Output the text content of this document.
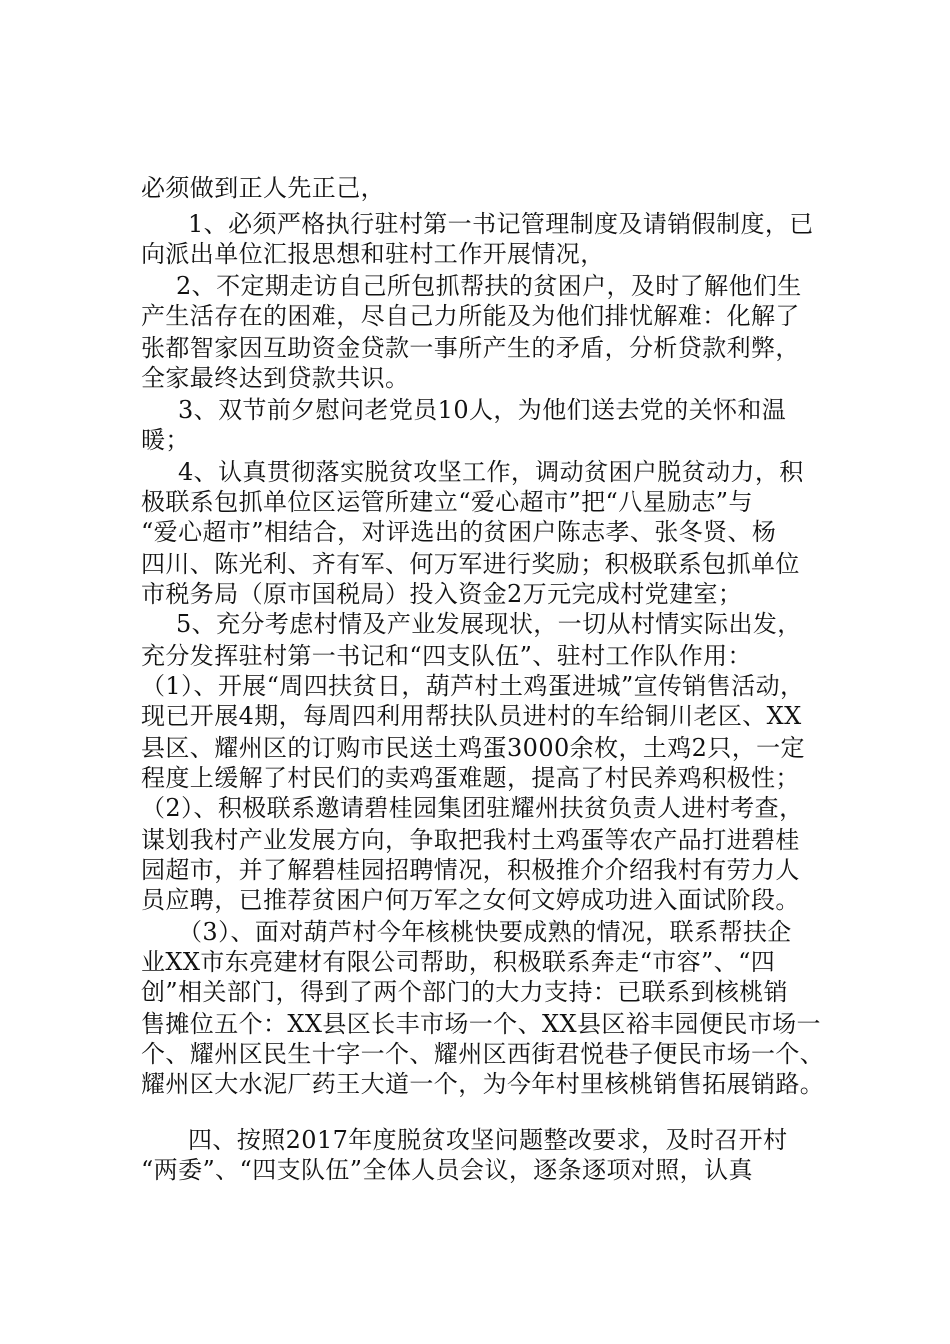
必须做到正人先正己，
1、必须严格执行驻村第一书记管理制度及请销假制度，已
向派出单位汇报思想和驻村工作开展情况，
2、不定期走访自己所包抓帮扶的贫困户，及时了解他们生
产生活存在的困难，尽自己力所能及为他们排忧解难：化解了
张都智家因互助资金贷款一事所产生的矛盾，分析贷款利弊，
全家最终达到贷款共识。
3、双节前夕慰问老党员10人，为他们送去党的关怀和温
暖；
4、认真贯彻落实脱贫攻坚工作，调动贫困户脱贫动力，积
极联系包抓单位区运管所建立“爱心超市”把“八星励志”与
“爱心超市”相结合，对评选出的贫困户陈志孝、张冬贤、杨
四川、陈光利、齐有军、何万军进行奖励；积极联系包抓单位
市税务局（原市国税局）投入资金2万元完成村党建室；
5、充分考虑村情及产业发展现状，一切从村情实际出发，
充分发挥驻村第一书记和“四支队伍”、驻村工作队作用：
（1）、开展“周四扶贫日，葫芦村土鸡蛋进城”宣传销售活动，
现已开展4期，每周四利用帮扶队员进村的车给铜川老区、XX
县区、耀州区的订购市民送土鸡蛋3000余枚，土鸡2只，一定
程度上缓解了村民们的卖鸡蛋难题，提高了村民养鸡积极性；
（2）、积极联系邀请碧桂园集团驻耀州扶贫负责人进村考查，
谋划我村产业发展方向，争取把我村土鸡蛋等农产品打进碧桂
园超市，并了解碧桂园招聘情况，积极推介介绍我村有劳力人
员应聘，已推荐贫困户何万军之女何文婷成功进入面试阶段。
（3）、面对葫芦村今年核桃快要成熟的情况，联系帮扶企
业XX市东亮建材有限公司帮助，积极联系奔走“市容”、“四
创”相关部门，得到了两个部门的大力支持：已联系到核桃销
售摊位五个：XX县区长丰市场一个、XX县区裕丰园便民市场一
个、耀州区民生十字一个、耀州区西街君悦巷子便民市场一个、
耀州区大水泥厂药王大道一个，为今年村里核桃销售拓展销路。
四、按照2017年度脱贫攻坚问题整改要求，及时召开村
“两委”、“四支队伍”全体人员会议，逐条逐项对照，认真
